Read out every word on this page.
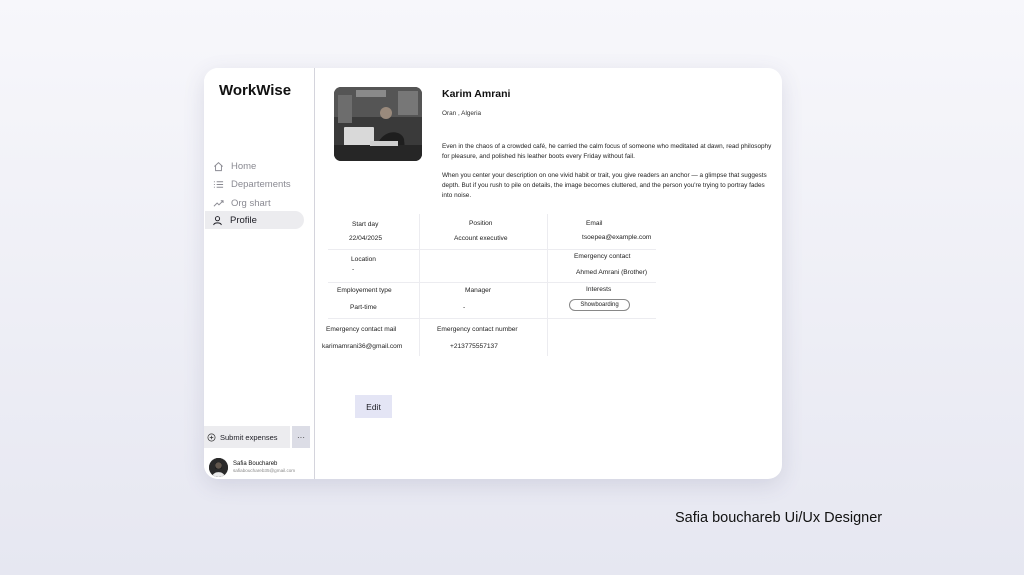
WorkWise
Home
Departements
Org shart
Profile
Submit expenses	···
Safia Bouchareb
safiabouchareb35@gmail.com
Karim Amrani
Oran , Algeria

Even in the chaos of a crowded café, he carried the calm focus of someone who meditated at dawn, read philosophy for pleasure, and polished his leather boots every Friday without fail.

When you center your description on one vivid habit or trait, you give readers an anchor — a glimpse that suggests depth. But if you rush to pile on details, the image becomes cluttered, and the person you're trying to portray fades into noise.

Start day
22/04/2025
Position
Account executive
Email
tsoepea@example.com
Location
-
Emergency contact
Ahmed Amrani (Brother)
Employement type
Part-time
Manager
-
Interests
Showboarding
Emergency contact mail
karimamrani36@gmail.com
Emergency contact number
+213775557137
Edit
Safia bouchareb Ui/Ux Designer
